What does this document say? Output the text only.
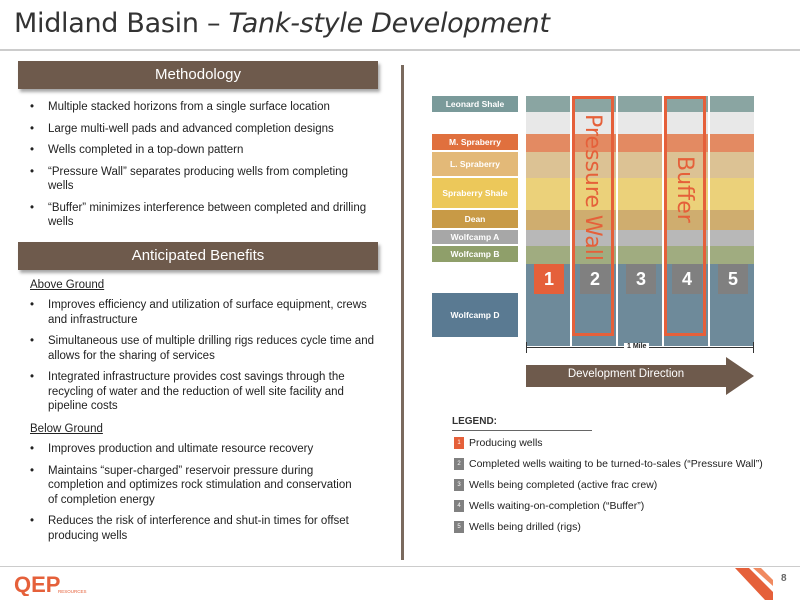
Midland Basin – Tank-style Development
Methodology
• Multiple stacked horizons from a single surface location
• Large multi-well pads and advanced completion designs
• Wells completed in a top-down pattern
• “Pressure Wall” separates producing wells from completing wells
• “Buffer” minimizes interference between completed and drilling wells
Anticipated Benefits
Above Ground
• Improves efficiency and utilization of surface equipment, crews and infrastructure
• Simultaneous use of multiple drilling rigs reduces cycle time and allows for the sharing of services
• Integrated infrastructure provides cost savings through the recycling of water and the reduction of well site facility and pipeline costs
Below Ground
• Improves production and ultimate resource recovery
• Maintains “super-charged” reservoir pressure during completion and optimizes rock stimulation and conservation of completion energy
• Reduces the risk of interference and shut-in times for offset producing wells
Leonard Shale
M. Spraberry
L. Spraberry
Spraberry Shale
Dean
Wolfcamp A
Wolfcamp B
Wolfcamp D
1	2	3	4	5
Pressure Wall	Buffer
1 Mile
Development Direction
LEGEND:
1 Producing wells
2 Completed wells waiting to be turned-to-sales (“Pressure Wall”)
3 Wells being completed (active frac crew)
4 Wells waiting-on-completion (“Buffer”)
5 Wells being drilled (rigs)
QEP
RESOURCES
8
